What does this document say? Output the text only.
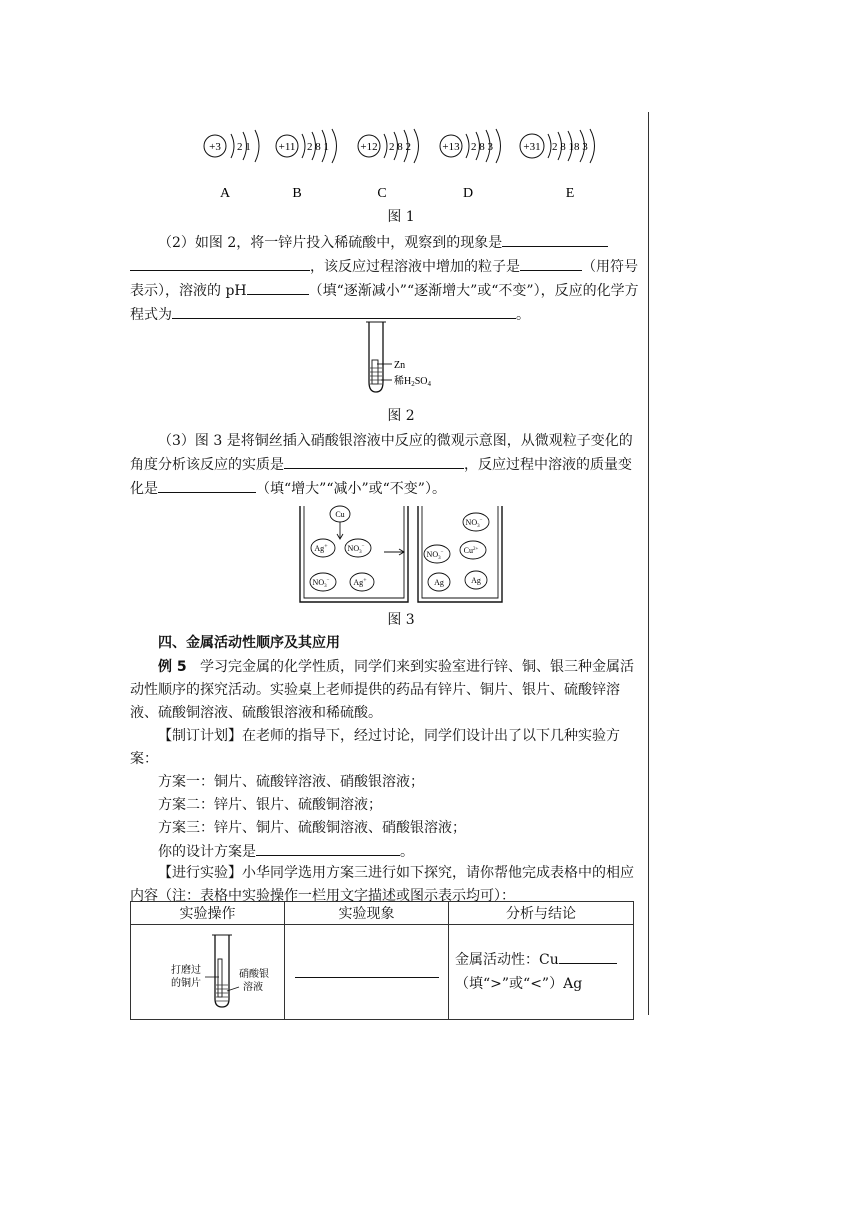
+3 2 1
A
+11 2 8 1
B
+12 2 8 2
C
+13 2 8 3
D
+31 2 8 18 3
E
图 1

（2）如图 2，将一锌片投入稀硫酸中，观察到的现象是，该反应过程溶液中增加的粒子是	（用符号表示），溶液的 pH	（填“逐渐减小”“逐渐增大”或“不变”），反应的化学方程式为	。

Zn
稀$H_2SO_4$
图 2

（3）图 3 是将铜丝插入硝酸银溶液中反应的微观示意图，从微观粒子变化的角度分析该反应的实质是	，反应过程中溶液的质量变化是	（填“增大”“减小”或“不变”）。

Cu
Ag+ $NO_3^-$
$NO_3^-$	Ag+
$NO_3^-$
$NO_3^-$	$Cu^{2+}$
Ag	Ag
图 3

四、金属活动性顺序及其应用

例 5 学习完金属的化学性质，同学们来到实验室进行锌、铜、银三种金属活动性顺序的探究活动。实验桌上老师提供的药品有锌片、铜片、银片、硫酸锌溶液、硫酸铜溶液、硫酸银溶液和稀硫酸。

【制订计划】在老师的指导下，经过讨论，同学们设计出了以下几种实验方案：

方案一：铜片、硫酸锌溶液、硝酸银溶液；

方案二：锌片、银片、硫酸铜溶液；

方案三：锌片、铜片、硫酸铜溶液、硝酸银溶液；

你的设计方案是	。

【进行实验】小华同学选用方案三进行如下探究，请你帮他完成表格中的相应内容（注：表格中实验操作一栏用文字描述或图示表示均可）：

实验操作	实验现象	分析与结论

打磨过
的铜片
硝酸银
溶液		金属活动性：Cu
（填“>”或“<”）Ag
